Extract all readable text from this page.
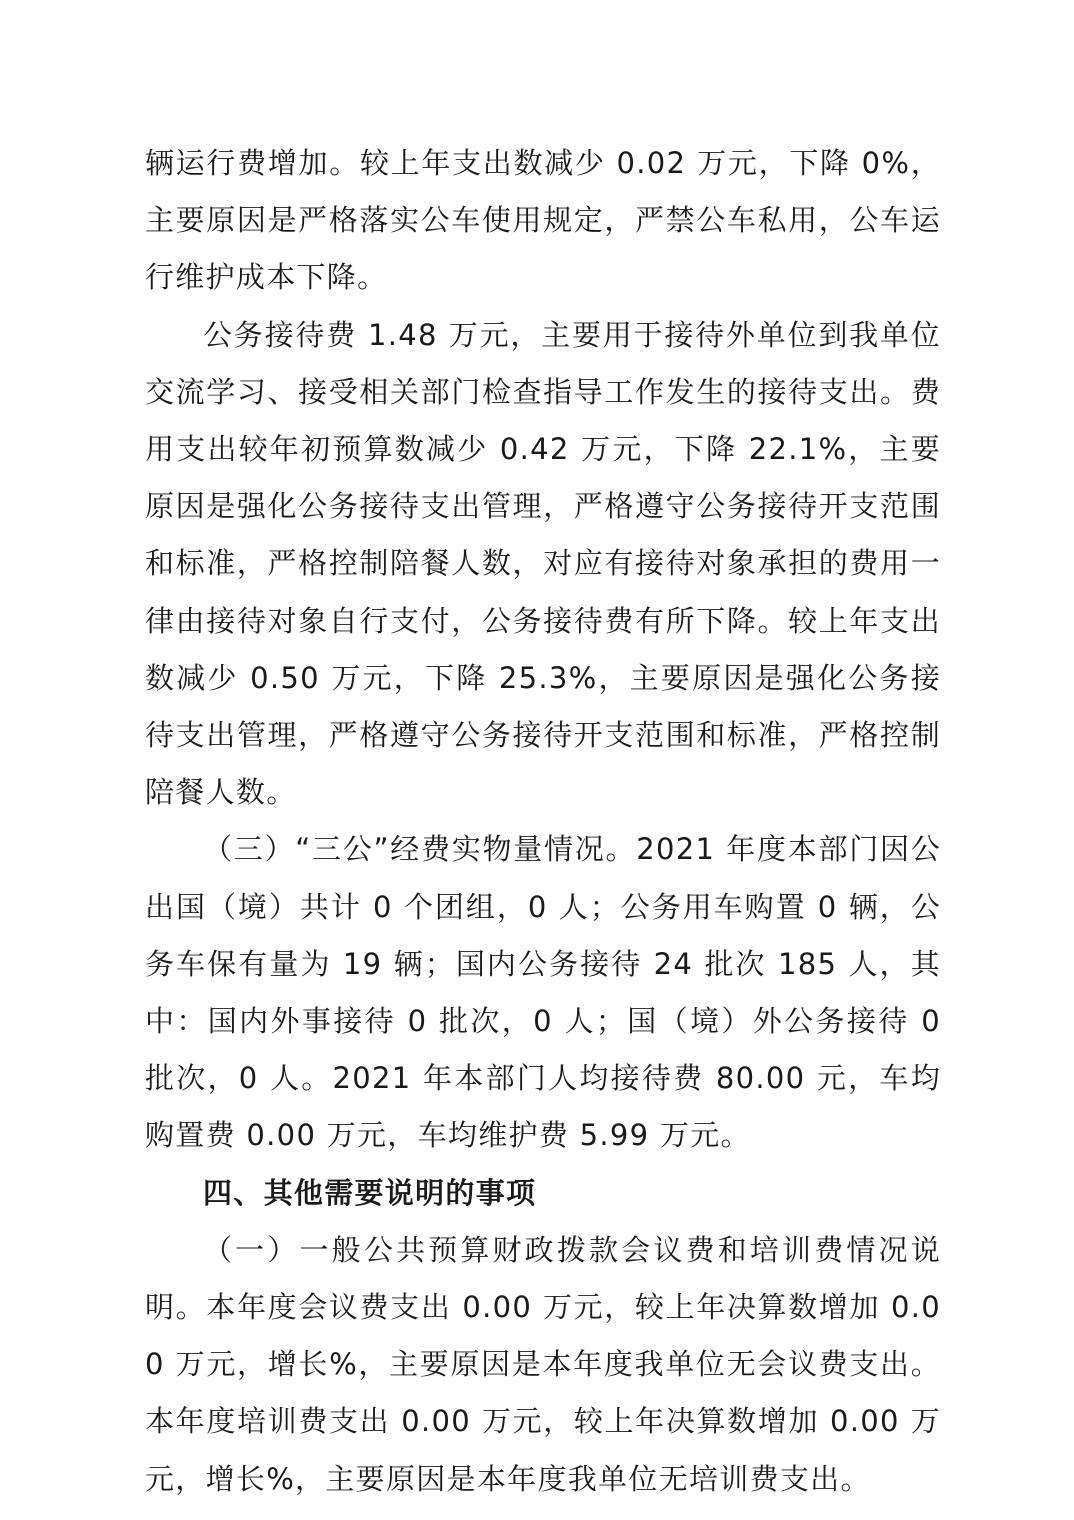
辆运行费增加。较上年支出数减少 0.02 万元，下降 0%，主要原因是严格落实公车使用规定，严禁公车私用，公车运行维护成本下降。

公务接待费 1.48 万元，主要用于接待外单位到我单位交流学习、接受相关部门检查指导工作发生的接待支出。费用支出较年初预算数减少 0.42 万元，下降 22.1%，主要原因是强化公务接待支出管理，严格遵守公务接待开支范围和标准，严格控制陪餐人数，对应有接待对象承担的费用一律由接待对象自行支付，公务接待费有所下降。较上年支出数减少 0.50 万元，下降 25.3%，主要原因是强化公务接待支出管理，严格遵守公务接待开支范围和标准，严格控制陪餐人数。

（三）“三公”经费实物量情况。2021 年度本部门因公出国（境）共计 0 个团组，0 人；公务用车购置 0 辆，公务车保有量为 19 辆；国内公务接待 24 批次 185 人，其中：国内外事接待 0 批次，0 人；国（境）外公务接待 0 批次，0 人。2021 年本部门人均接待费 80.00 元，车均购置费 0.00 万元，车均维护费 5.99 万元。

四、其他需要说明的事项

（一）一般公共预算财政拨款会议费和培训费情况说明。本年度会议费支出 0.00 万元，较上年决算数增加 0.00 万元，增长%，主要原因是本年度我单位无会议费支出。本年度培训费支出 0.00 万元，较上年决算数增加 0.00 万元，增长%，主要原因是本年度我单位无培训费支出。
